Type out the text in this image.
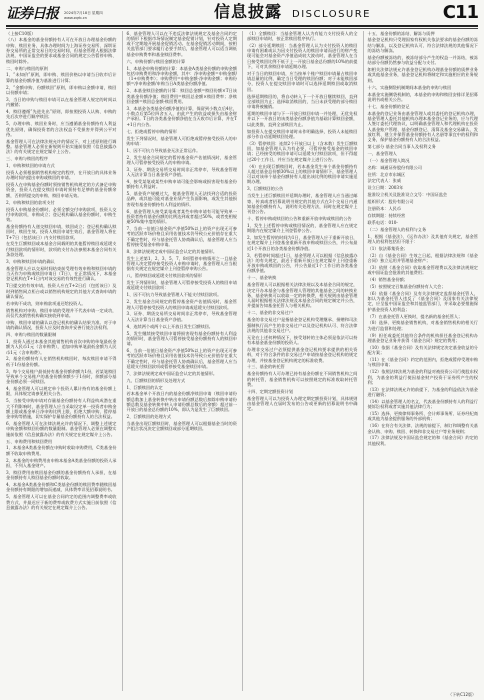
证券日报 2024年7月18日 星期四
www.zqrb.cn	信息披露 DISCLOSURE	C11

（上接C10版）

（八）本基金的基金份额持有人可在开放日办理基金份额的申购、赎回业务，具体办理时间为上海证券交易所、深圳证券交易所的正常交易日的交易时间，但基金管理人根据法律法规、中国证监会的要求或基金合同的规定公告暂停申购、赎回时除外。

二、申购与赎回的原则

1、“未知价”原则，即申购、赎回价格以申请当日收市后计算的基金份额净值为基准进行计算；

2、“金额申购、份额赎回”原则，即申购以金额申请，赎回以份额申请；

3、当日的申购与赎回申请可以在基金管理人规定的时间以内撤销；

4、赎回遵循“先进先出”原则，即按照投资人认购、申购的先后次序进行顺序赎回；

5、办理申购、赎回业务时，应当遵循基金份额持有人利益优先原则，确保投资者的合法权益不受损害并得到公平对待。

基金管理人可在法律法规允许的情况下，对上述原则进行调整。基金管理人必须在新规则开始实施前依照《信息披露办法》的有关规定在规定媒介上公告。

三、申购与赎回的程序

1、申购和赎回的申请方式

投资人必须根据销售机构规定的程序，在开放日的具体业务办理时间内提出申购或赎回的申请。

投资人在申购基金份额时须按销售机构规定的方式备足申购资金，投资人在提交赎回申请时须持有足够的基金份额余额，否则所提交的申购、赎回申请无效。

2、申购和赎回的款项支付

投资人申购基金份额时，必须全额交付申购款项，投资人交付申购款项，申购成立；登记机构确认基金份额时，申购生效。

基金份额持有人递交赎回申请，赎回成立；登记机构确认赎回时，赎回生效。投资人赎回申请生效后，基金管理人将在T+7日（包括该日）内支付赎回款项。

在发生巨额赎回或本基金合同载明的其他暂停赎回或延缓支付赎回款项的情形时，款项的支付办法参照本基金合同有关条款处理。

3、申购和赎回申请的确认

基金管理人应以交易时间结束前受理有效申购和赎回申请的当天作为申购或赎回申请日（T日），在正常情况下，本基金登记机构在T+1日内对该交易的有效性进行确认。

T日提交的有效申请，投资人应在T+2日后（包括该日）及时到销售网点柜台或以销售机构规定的其他方式查询申请的确认情况。

若申购不成功，则申购款项退还给投资人。

销售机构对申购、赎回申请的受理并不代表申请一定成功，而仅代表销售机构确实接收到申请。

申购、赎回申请的确认以登记机构的确认结果为准。对于申请的确认情况，投资人应及时查询并妥善行使合法权利。

四、申购与赎回的数量限制

1、投资人通过本基金其他销售机构首次申购的单笔最低金额为人民币1元（含申购费），追加申购单笔最低金额为人民币1元（含申购费）。

2、基金份额持有人在销售机构赎回时，每次赎回申请不得低于1份基金份额。

3、每个交易账户最低持有基金份额余额为1份，若某笔赎回导致单个交易账户的基金份额余额少于1份时，余额部分基金份额必须一同赎回。

4、基金管理人可以规定单个投资人累计持有的基金份额上限，具体规定请参见相关公告。

5、当接受申购申请对存量基金份额持有人利益构成潜在重大不利影响时，基金管理人应当采取设定单一投资者申购金额上限或基金单日净申购比例上限、拒绝大额申购、暂停基金申购等措施，切实保护存量基金份额持有人的合法权益。

6、基金管理人可在法律法规允许的情况下，调整上述规定申购金额和赎回份额的数量限制。基金管理人必须在调整实施前依照《信息披露办法》的有关规定在规定媒介上公告。

五、申购费用和赎回费用

1、本基金A类基金份额在申购时收取申购费用，C类基金份额不收取申购费用。

2、本基金的申购费用由申购本基金A类基金份额的投资人承担，不列入基金财产。

3、赎回费用由赎回基金份额的基金份额持有人承担，在基金份额持有人赎回基金份额时收取。

4、本基金A类基金份额和C类基金份额的赎回费率随赎回基金份额持有期限的增加而递减，具体费率详见招募说明书。

5、基金管理人可以在基金合同约定的范围内调整费率或收费方式，并最迟应于新的费率或收费方式实施日前依照《信息披露办法》的有关规定在规定媒介上公告。

6、基金管理人可以在不违反法律法规规定及基金合同约定的情形下根据市场情况制定基金促销计划，针对投资人定期或不定期地开展基金促销活动。在基金促销活动期间，按相关监管部门要求履行必要手续后，基金管理人可以适当调低基金申购费率和基金赎回费率。

六、申购份额与赎回金额的计算

1、本基金申购份额的计算：本基金A类基金份额的申购金额包括申购费用和净申购金额，其中：净申购金额=申购金额/（1+申购费率）；申购费用=申购金额-净申购金额；申购份额=净申购金额/申购当日A类基金份额净值。

2、本基金赎回金额的计算：赎回总金额=赎回份额×T日该类基金份额净值；赎回费用=赎回总金额×赎回费率；净赎回金额=赎回总金额-赎回费用。

3、本基金各类基金份额净值的计算，保留到小数点后4位，小数点后第5位四舍五入，由此产生的收益或损失由基金财产承担。T日的各类基金份额净值在当天收市后计算，并在T+1日内公告。

七、拒绝或暂停申购的情形

发生下列情况时，基金管理人可拒绝或暂停接受投资人的申购申请：

1、因不可抗力导致基金无法正常运作。

2、发生基金合同规定的暂停基金资产估值情况时，基金管理人可暂停接受投资人的申购申请。

3、证券、期货交易所交易时间非正常停市，导致基金管理人无法计算当日基金资产净值。

4、接受某笔或某些申购申请可能会影响或损害现有基金份额持有人利益时。

5、基金资产规模过大，使基金管理人无法找到合适的投资品种，或其他可能对基金业绩产生负面影响，或发生其他损害现有基金份额持有人利益的情形。

6、基金管理人接受某笔或者某些申购申请有可能导致单一投资者持有基金份额的比例达到或者超过50%，或者变相规避50%集中度的情形。

7、当前一估值日基金资产净值50%以上的资产出现无可参考的活跃市场价格且采用估值技术仍导致公允价值存在重大不确定性时，经与基金托管人协商确认后，基金管理人应当暂停接受基金申购申请。

8、法律法规规定或中国证监会认定的其他情形。

发生上述第1、2、3、5、7、8项暂停申购情形之一且基金管理人决定暂停接受投资人申购申请时，基金管理人应当根据有关规定在规定媒介上刊登暂停申购公告。

八、暂停赎回或延缓支付赎回款项的情形

发生下列情形时，基金管理人可暂停接受投资人的赎回申请或延缓支付赎回款项：

1、因不可抗力导致基金管理人不能支付赎回款项。

2、发生基金合同规定的暂停基金资产估值情况时，基金管理人可暂停接受投资人的赎回申请或延缓支付赎回款项。

3、证券、期货交易所交易时间非正常停市，导致基金管理人无法计算当日基金资产净值。

4、连续两个或两个以上开放日发生巨额赎回。

5、发生继续接受赎回申请将损害现有基金份额持有人利益的情形时，基金管理人可暂停接受基金份额持有人的赎回申请。

6、当前一估值日基金资产净值50%以上的资产出现无可参考的活跃市场价格且采用估值技术仍导致公允价值存在重大不确定性时，经与基金托管人协商确认后，基金管理人应当延缓支付赎回款项或暂停接受基金赎回申请。

7、法律法规规定或中国证监会认定的其他情形。

九、巨额赎回的情形及处理方式

1、巨额赎回的认定

若本基金单个开放日内的基金份额净赎回申请（赎回申请份额总数加上基金转换中转出申请份额总数后扣除申购申请份额总数及基金转换中转入申请份额总数后的余额）超过前一开放日的基金总份额的10%，即认为是发生了巨额赎回。

2、巨额赎回的处理方式

当基金出现巨额赎回时，基金管理人可以根据基金当时的资产组合状况决定全额赎回或部分延期赎回。

（1）全额赎回：当基金管理人认为有能力支付投资人的全部赎回申请时，按正常赎回程序执行。

（2）部分延期赎回：当基金管理人认为支付投资人的赎回申请有困难或认为因支付投资人的赎回申请而进行的财产变现可能会对基金资产净值造成较大波动时，基金管理人在当日接受赎回比例不低于上一开放日基金总份额的10%的前提下，可对其余赎回申请延期办理。

对于当日的赎回申请，应当按单个账户赎回申请量占赎回申请总量的比例，确定当日受理的赎回份额；对于未能赎回部分，投资人在提交赎回申请时可以选择延期赎回或取消赎回。

选择延期赎回的，将自动转入下一个开放日继续赎回，直到全部赎回为止；选择取消赎回的，当日未获受理的部分赎回申请将被撤销。

延期的赎回申请与下一开放日赎回申请一并处理，无优先权并以下一开放日的该类基金份额净值为基础计算赎回金额，以此类推，直到全部赎回为止。

如投资人在提交赎回申请时未作明确选择，投资人未能赎回部分作自动延期赎回处理。

（3）暂停赎回：连续2个开放日以上（含本数）发生巨额赎回，如基金管理人认为有必要，可暂停接受基金的赎回申请；已经接受的赎回申请可以延缓支付赎回款项，但不得超过20个工作日，并应当在规定媒介上进行公告。

（4）在出现巨额赎回时，若本基金发生单个基金份额持有人超过基金总份额30%以上的赎回申请情形下，基金管理人可以对该单个基金份额持有人超出该比例的赎回申请实施延期办理。

3、巨额赎回的公告

当发生上述巨额赎回并延期办理时，基金管理人应当通过邮寄、传真或者招募说明书规定的其他方式在3个交易日内通知基金份额持有人，说明有关处理方法，同时在规定媒介上刊登公告。

十、暂停申购或赎回的公告和重新开放申购或赎回的公告

1、发生上述暂停申购或赎回情况的，基金管理人应在规定期限内在规定媒介上刊登暂停公告。

2、如发生暂停的时间为1日，基金管理人应于重新开放日，在规定媒介上刊登基金重新开放申购或赎回公告，并公布最近1个开放日的各类基金份额净值。

3、若暂停时间超过1日，基金管理人可以根据《信息披露办法》的有关规定，最迟于重新开放日在规定媒介上刊登重新开放申购或赎回的公告，并公告最近1个工作日的各类基金份额净值。

十一、基金转换

基金管理人可以根据相关法律法规以及本基金合同的规定，决定开办本基金与基金管理人管理的其他基金之间的转换业务，基金转换可以收取一定的转换费，相关规则由基金管理人届时根据相关法律法规及本基金合同的规定制定并公告，并提前告知基金托管人与相关机构。

十二、基金的非交易过户

基金的非交易过户是指基金登记机构受理继承、捐赠和司法强制执行而产生的非交易过户以及登记机构认可、符合法律法规的其他非交易过户。

无论在上述何种情况下，接受划转的主体必须是依法可以持有本基金基金份额的投资人。

办理非交易过户必须提供基金登记机构要求提供的相关资料，对于符合条件的非交易过户申请按基金登记机构的规定办理，并按基金登记机构规定的标准收费。

十三、基金的转托管

基金份额持有人可办理已持有基金份额在不同销售机构之间的转托管，基金销售机构可以按照规定的标准收取转托管费。

十四、定期定额投资计划

基金管理人可以为投资人办理定期定额投资计划，具体规则由基金管理人在届时发布的公告或更新的招募说明书中确定。

十五、基金份额的冻结、解冻与质押

基金登记机构只受理国家有权机关依法要求的基金份额的冻结与解冻，以及登记机构认可、符合法律法规的其他情况下的冻结与解冻。

基金份额被冻结的，被冻结部分产生的权益一并冻结，被冻结部分份额仍然参与收益分配与支付。

如相关法律法规允许基金登记机构办理基金份额的质押业务或其他基金业务，基金登记机构将制定和实施相应的业务规则。

十六、实施侧袋机制期间本基金的申购与赎回

本基金实施侧袋机制的，本基金的申购和赎回安排详见招募说明书或相关公告。

十七、基金份额的登记

本基金的登记业务由基金管理人或其委托的登记机构办理，基金管理人委托其他机构办理本基金登记业务的，应与代理人签订委托代理协议，以明确基金管理人和代理机构在投资人基金账户管理、基金份额登记、清算及基金交易确认、发放红利、建立并保管基金份额持有人名册等事宜中的权利和义务，保护基金份额持有人的合法权益。

第七部分 基金合同当事人及权利义务

一、基金管理人

（一）基金管理人简况

名称：诚通证券股份有限公司

住所：北京市东城区

法定代表人：张威

设立日期：2003年

批准设立机关及批准设立文号：中国证监会

组织形式：股份有限公司

注册资本：人民币

存续期限：持续经营

联系电话：010-

（二）基金管理人的权利与义务

1、根据《基金法》、《运作办法》及其他有关规定，基金管理人的权利包括但不限于：

（1）依法募集资金；

（2）自《基金合同》生效之日起，根据法律法规和《基金合同》独立运用并管理基金财产；

（3）依照《基金合同》收取基金管理费以及法律法规规定或中国证监会批准的其他费用；

（4）销售基金份额；

（5）按照规定召集基金份额持有人大会；

（6）依据《基金合同》及有关法律规定监督基金托管人，如认为基金托管人违反了《基金合同》及国家有关法律规定，应呈报中国证监会和其他监管部门，并采取必要措施保护基金投资人的利益；

（7）在基金托管人更换时，提名新的基金托管人；

（8）选择、更换基金销售机构，对基金销售机构的相关行为进行监督和处理；

（9）担任或委托其他符合条件的机构担任基金登记机构办理基金登记业务并获得《基金合同》规定的费用；

（10）依据《基金合同》及有关法律规定决定基金收益的分配方案；

（11）在《基金合同》约定的范围内，拒绝或暂停受理申购与赎回申请；

（12）依照法律法规为基金的利益对被投资公司行使股东权利，为基金的利益行使因基金财产投资于证券所产生的权利；

（13）在法律法规允许的前提下，为基金的利益依法为基金进行融资；

（14）以基金管理人的名义，代表基金份额持有人的利益行使诉讼权利或者实施其他法律行为；

（15）选择、更换律师事务所、会计师事务所、证券经纪商或其他为基金提供服务的外部机构；

（16）在符合有关法律、法规的前提下，制订和调整有关基金认购、申购、赎回、转换和非交易过户等业务规则；

（17）法律法规及中国证监会规定的和《基金合同》约定的其他权利。

（下转C12版）
